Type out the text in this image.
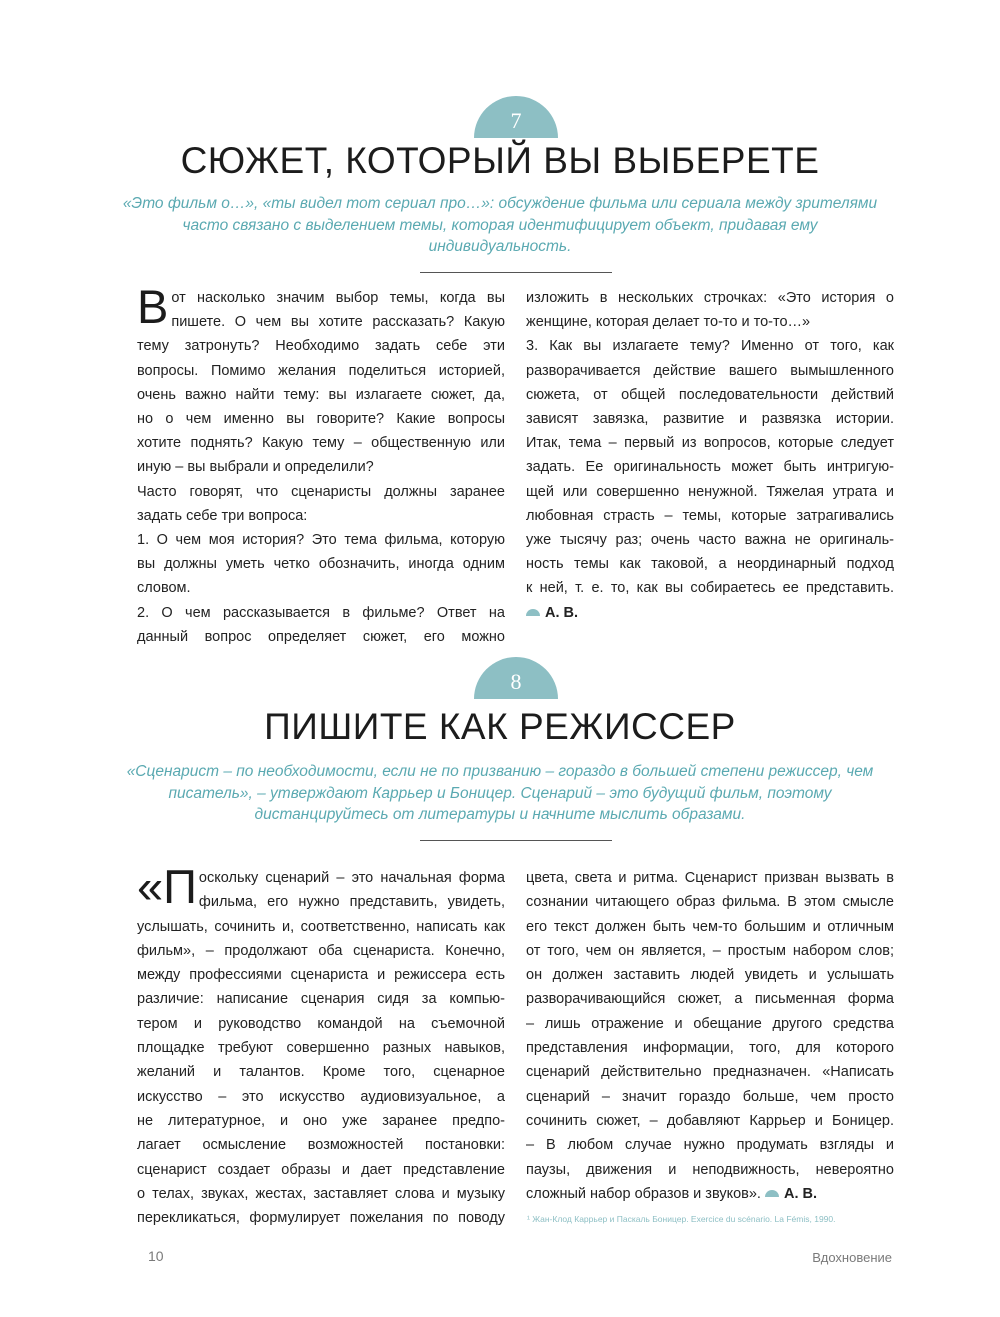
7
СЮЖЕТ, КОТОРЫЙ ВЫ ВЫБЕРЕТЕ
«Это фильм о…», «ты видел тот сериал про…»: обсуждение фильма или сериала между зрителями часто связано с выделением темы, которая идентифицирует объект, придавая ему индивидуальность.
В от насколько значим выбор темы, когда вы

пишете. О чем вы хотите рассказать? Какую

тему затронуть? Необходимо задать себе эти

вопросы. Помимо желания поделиться историей,

очень важно найти тему: вы излагаете сюжет, да,

но о чем именно вы говорите? Какие вопросы

хотите поднять? Какую тему – общественную или

иную – вы выбрали и определили?

Часто говорят, что сценаристы должны заранее

задать себе три вопроса:

1. О чем моя история? Это тема фильма, которую

вы должны уметь четко обозначить, иногда одним

словом.

2. О чем рассказывается в фильме? Ответ на

данный вопрос определяет сюжет, его можно

изложить в нескольких строчках: «Это история о

женщине, которая делает то-то и то-то…»

3. Как вы излагаете тему? Именно от того, как

разворачивается действие вашего вымышленного

сюжета, от общей последовательности действий

зависят завязка, развитие и развязка истории.

Итак, тема – первый из вопросов, которые следует

задать. Ее оригинальность может быть интригую-

щей или совершенно ненужной. Тяжелая утрата и

любовная страсть – темы, которые затрагивались

уже тысячу раз; очень часто важна не оригиналь-

ность темы как таковой, а неординарный подход

к ней, т. е. то, как вы собираетесь ее представить.

А. В.

8
ПИШИТЕ КАК РЕЖИССЕР
«Сценарист – по необходимости, если не по призванию – гораздо в большей степени режиссер, чем писатель», – утверждают Каррьер и Боницер. Сценарий – это будущий фильм, поэтому дистанцируйтесь от литературы и начните мыслить образами.
«П оскольку сценарий – это начальная форма

фильма, его нужно представить, увидеть,

услышать, сочинить и, соответственно, написать как

фильм», – продолжают оба сценариста. Конечно,

между профессиями сценариста и режиссера есть

различие: написание сценария сидя за компью-

тером и руководство командой на съемочной

площадке требуют совершенно разных навыков,

желаний и талантов. Кроме того, сценарное

искусство – это искусство аудиовизуальное, а

не литературное, и оно уже заранее предпо-

лагает осмысление возможностей постановки:

сценарист создает образы и дает представление

о телах, звуках, жестах, заставляет слова и музыку

перекликаться, формулирует пожелания по поводу

цвета, света и ритма. Сценарист призван вызвать в

сознании читающего образ фильма. В этом смысле

его текст должен быть чем-то большим и отличным

от того, чем он является, – простым набором слов;

он должен заставить людей увидеть и услышать

разворачивающийся сюжет, а письменная форма

– лишь отражение и обещание другого средства

представления информации, того, для которого

сценарий действительно предназначен. «Написать

сценарий – значит гораздо больше, чем просто

сочинить сюжет, – добавляют Каррьер и Боницер.

– В любом случае нужно продумать взгляды и

паузы, движения и неподвижность, невероятно

сложный набор образов и звуков». А. В.

¹ Жан-Клод Каррьер и Паскаль Боницер. Exercice du scénario. La Fémis, 1990.
10	Вдохновение
